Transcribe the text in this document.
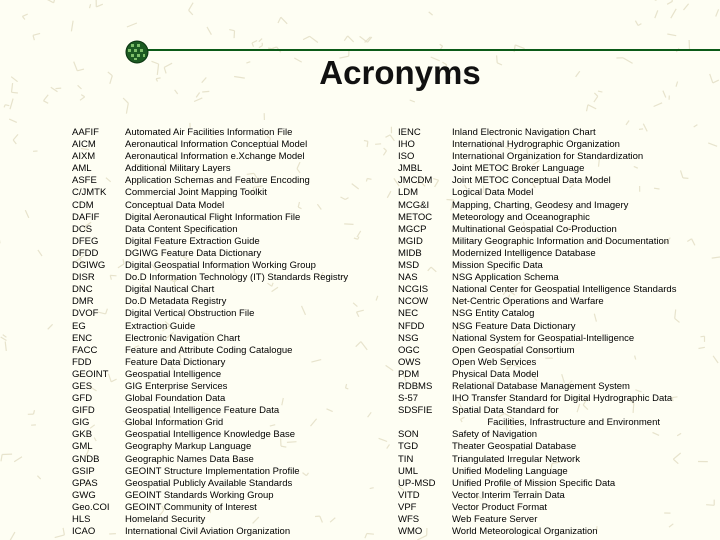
Acronyms
AAFIF
AICM
AIXM
AML
ASFE
C/JMTK
CDM
DAFIF
DCS
DFEG
DFDD
DGIWG
DISR
DNC
DMR
DVOF
EG
ENC
FACC
FDD
GEOINT
GES
GFD
GIFD
GIG
GKB
GML
GNDB
GSIP
GPAS
GWG
Geo.COI
HLS
ICAO
Automated Air Facilities Information File
Aeronautical Information Conceptual Model
Aeronautical Information e.Xchange Model
Additional Military Layers
Application Schemas and Feature Encoding
Commercial Joint Mapping Toolkit
Conceptual Data Model
Digital Aeronautical Flight Information File
Data Content Specification
Digital Feature Extraction Guide
DGIWG Feature Data Dictionary
Digital Geospatial Information Working Group
Do.D Information Technology (IT) Standards Registry
Digital Nautical Chart
Do.D Metadata Registry
Digital Vertical Obstruction File
Extraction Guide
Electronic Navigation Chart
Feature and Attribute Coding Catalogue
Feature Data Dictionary
Geospatial Intelligence
GIG Enterprise Services
Global Foundation Data
Geospatial Intelligence Feature Data
Global Information Grid
Geospatial Intelligence Knowledge Base
Geography Markup Language
Geographic Names Data Base
GEOINT Structure Implementation Profile
Geospatial Publicly Available Standards
GEOINT Standards Working Group
GEOINT Community of Interest
Homeland Security
International Civil Aviation Organization
IENC
IHO
ISO
JMBL
JMCDM
LDM
MCG&I
METOC
MGCP
MGID
MIDB
MSD
NAS
NCGIS
NCOW
NEC
NFDD
NSG
OGC
OWS
PDM
RDBMS
S-57
SDSFIE
SON
TGD
TIN
UML
UP-MSD
VITD
VPF
WFS
WMO
Inland Electronic Navigation Chart
International Hydrographic Organization
International Organization for Standardization
Joint METOC Broker Language
Joint METOC Conceptual Data Model
Logical Data Model
Mapping, Charting, Geodesy and Imagery
Meteorology and Oceanographic
Multinational Geospatial Co-Production
Military Geographic Information and Documentation
Modernized Intelligence Database
Mission Specific Data
NSG Application Schema
National Center for Geospatial Intelligence Standards
Net-Centric Operations and Warfare
NSG Entity Catalog
NSG Feature Data Dictionary
National System for Geospatial-Intelligence
Open Geospatial Consortium
Open Web Services
Physical Data Model
Relational Database Management System
IHO Transfer Standard for Digital Hydrographic Data
Spatial Data Standard for
Facilities, Infrastructure and Environment
Safety of Navigation
Theater Geospatial Database
Triangulated Irregular Network
Unified Modeling Language
Unified Profile of Mission Specific Data
Vector Interim Terrain Data
Vector Product Format
Web Feature Server
World Meteorological Organization
